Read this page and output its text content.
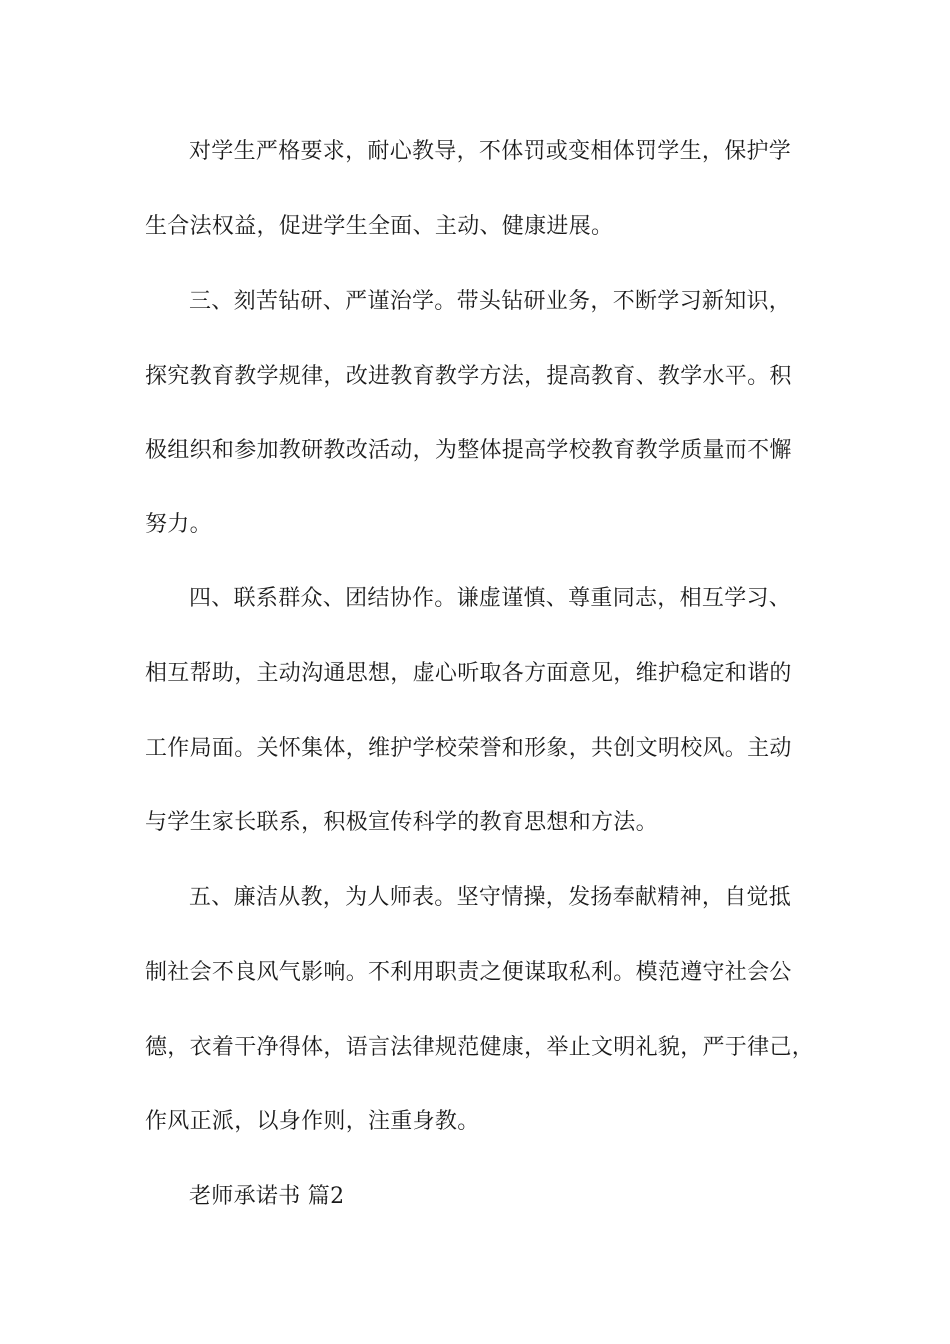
对学生严格要求，耐心教导，不体罚或变相体罚学生，保护学
生合法权益，促进学生全面、主动、健康进展。
三、刻苦钻研、严谨治学。带头钻研业务，不断学习新知识，
探究教育教学规律，改进教育教学方法，提高教育、教学水平。积
极组织和参加教研教改活动，为整体提高学校教育教学质量而不懈
努力。
四、联系群众、团结协作。谦虚谨慎、尊重同志，相互学习、
相互帮助，主动沟通思想，虚心听取各方面意见，维护稳定和谐的
工作局面。关怀集体，维护学校荣誉和形象，共创文明校风。主动
与学生家长联系，积极宣传科学的教育思想和方法。
五、廉洁从教，为人师表。坚守情操，发扬奉献精神，自觉抵
制社会不良风气影响。不利用职责之便谋取私利。模范遵守社会公
德，衣着干净得体，语言法律规范健康，举止文明礼貌，严于律己，
作风正派，以身作则，注重身教。
老师承诺书 篇2
